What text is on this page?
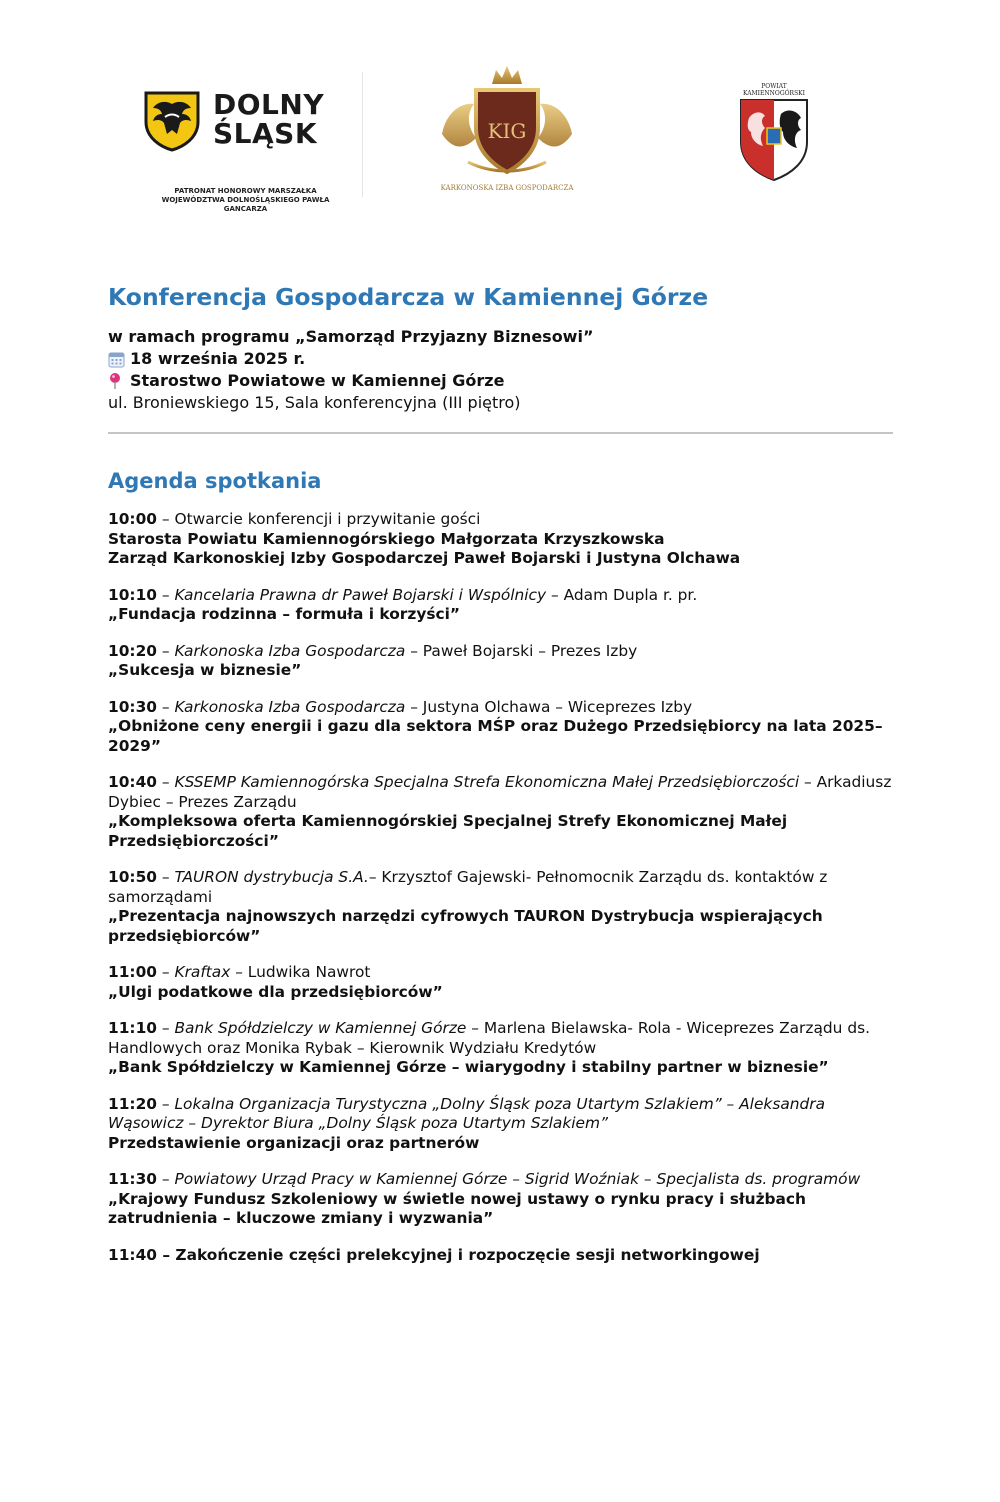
DOLNY
ŚLĄSK
PATRONAT HONOROWY MARSZAŁKA WOJEWÓDZTWA DOLNOŚLĄSKIEGO PAWŁA GANCARZA
KIG
KARKONOSKA IZBA GOSPODARCZA
POWIAT KAMIENNOGÓRSKI
Konferencja Gospodarcza w Kamiennej Górze
w ramach programu „Samorząd Przyjazny Biznesowi”
18 września 2025 r.
Starostwo Powiatowe w Kamiennej Górze
ul. Broniewskiego 15, Sala konferencyjna (III piętro)
Agenda spotkania
10:00 – Otwarcie konferencji i przywitanie gości
Starosta Powiatu Kamiennogórskiego Małgorzata Krzyszkowska
Zarząd Karkonoskiej Izby Gospodarczej Paweł Bojarski i Justyna Olchawa
10:10 – Kancelaria Prawna dr Paweł Bojarski i Wspólnicy – Adam Dupla r. pr.
„Fundacja rodzinna – formuła i korzyści”
10:20 – Karkonoska Izba Gospodarcza – Paweł Bojarski – Prezes Izby
„Sukcesja w biznesie”
10:30 – Karkonoska Izba Gospodarcza – Justyna Olchawa – Wiceprezes Izby
„Obniżone ceny energii i gazu dla sektora MŚP oraz Dużego Przedsiębiorcy na lata 2025–2029”
10:40 – KSSEMP Kamiennogórska Specjalna Strefa Ekonomiczna Małej Przedsiębiorczości – Arkadiusz Dybiec – Prezes Zarządu
„Kompleksowa oferta Kamiennogórskiej Specjalnej Strefy Ekonomicznej Małej Przedsiębiorczości”
10:50 – TAURON dystrybucja S.A.– Krzysztof Gajewski- Pełnomocnik Zarządu ds. kontaktów z samorządami
„Prezentacja najnowszych narzędzi cyfrowych TAURON Dystrybucja wspierających przedsiębiorców”
11:00 – Kraftax – Ludwika Nawrot
„Ulgi podatkowe dla przedsiębiorców”
11:10 – Bank Spółdzielczy w Kamiennej Górze – Marlena Bielawska- Rola - Wiceprezes Zarządu ds. Handlowych oraz Monika Rybak – Kierownik Wydziału Kredytów
„Bank Spółdzielczy w Kamiennej Górze – wiarygodny i stabilny partner w biznesie”
11:20 – Lokalna Organizacja Turystyczna „Dolny Śląsk poza Utartym Szlakiem” – Aleksandra Wąsowicz – Dyrektor Biura „Dolny Śląsk poza Utartym Szlakiem”
Przedstawienie organizacji oraz partnerów
11:30 – Powiatowy Urząd Pracy w Kamiennej Górze – Sigrid Woźniak – Specjalista ds. programów
„Krajowy Fundusz Szkoleniowy w świetle nowej ustawy o rynku pracy i służbach zatrudnienia – kluczowe zmiany i wyzwania”
11:40 – Zakończenie części prelekcyjnej i rozpoczęcie sesji networkingowej
